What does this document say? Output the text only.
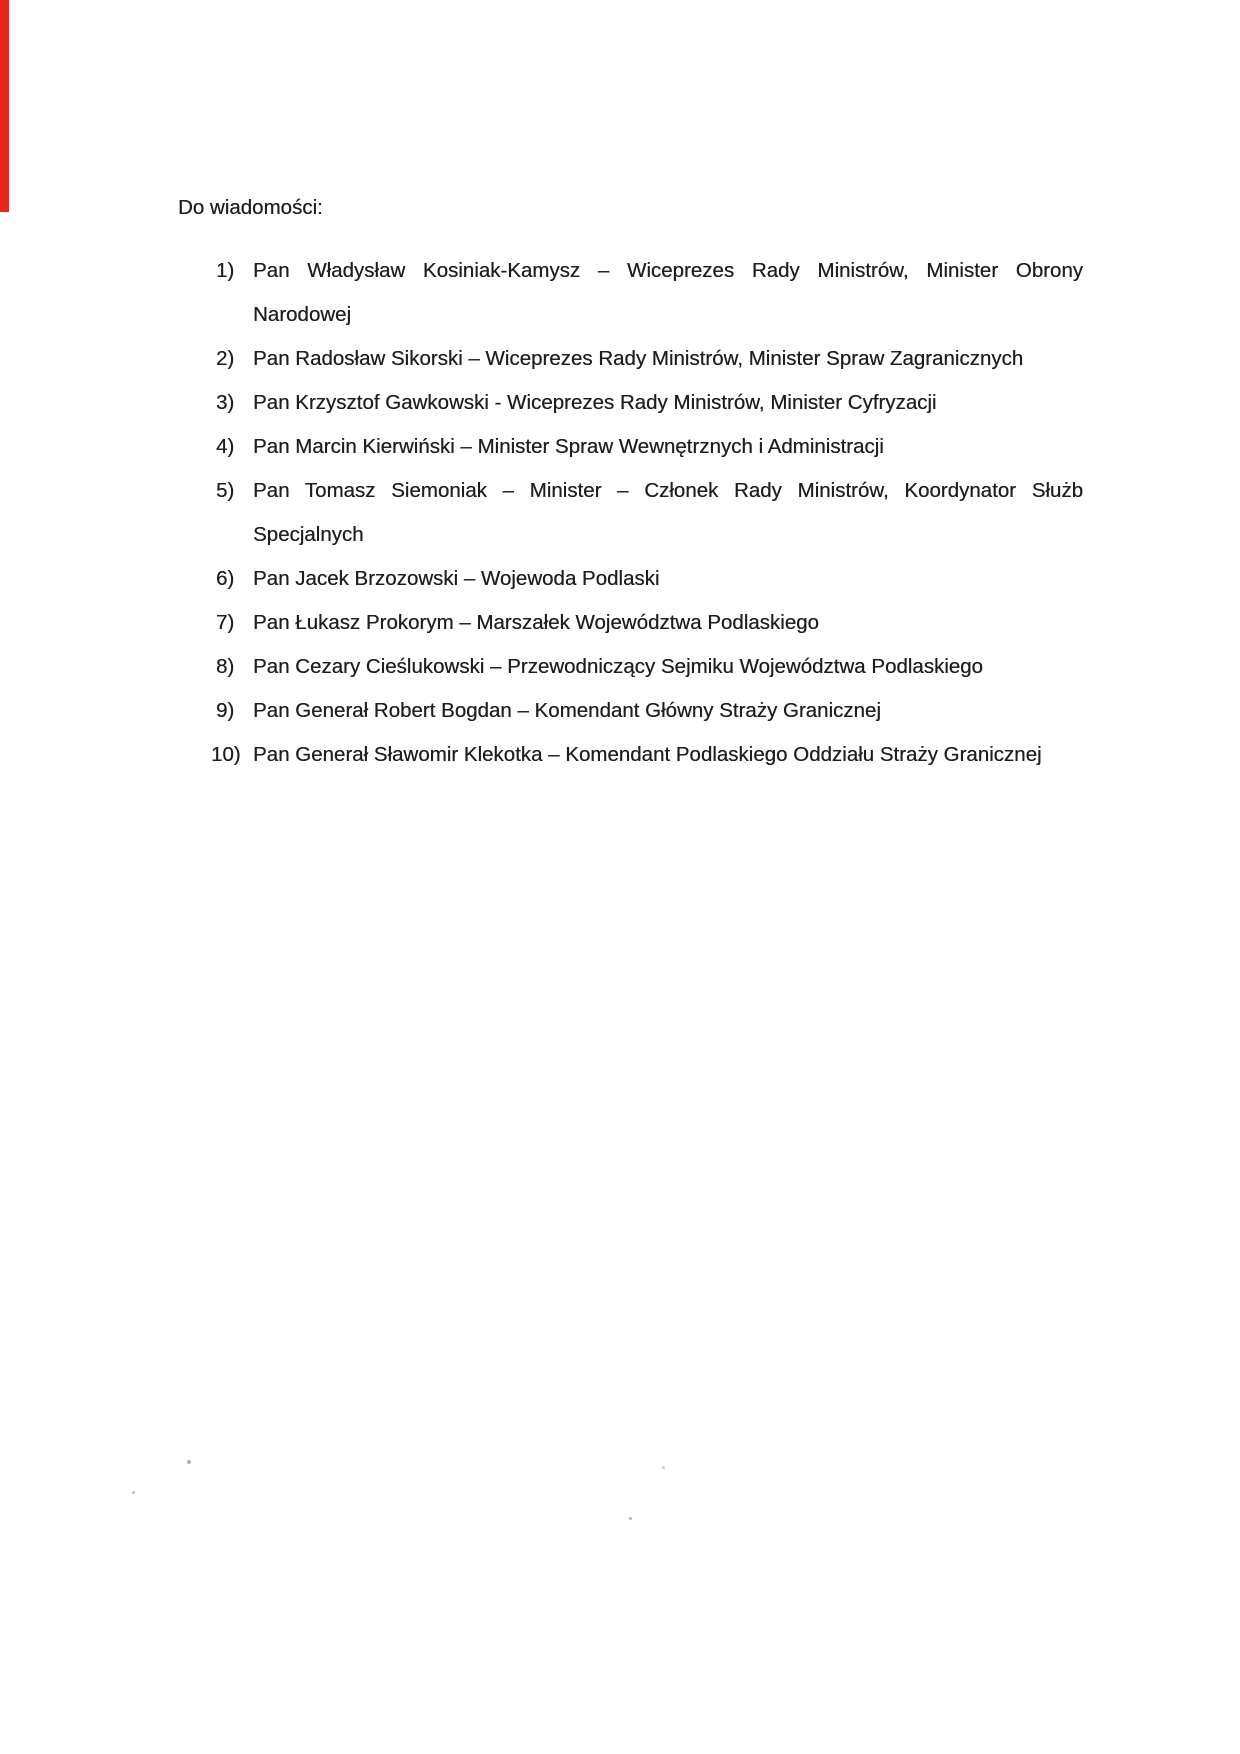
Do wiadomości:
1) Pan Władysław Kosiniak-Kamysz – Wiceprezes Rady Ministrów, Minister Obrony
Narodowej
2) Pan Radosław Sikorski – Wiceprezes Rady Ministrów, Minister Spraw Zagranicznych
3) Pan Krzysztof Gawkowski - Wiceprezes Rady Ministrów, Minister Cyfryzacji
4) Pan Marcin Kierwiński – Minister Spraw Wewnętrznych i Administracji
5) Pan Tomasz Siemoniak – Minister – Członek Rady Ministrów, Koordynator Służb
Specjalnych
6) Pan Jacek Brzozowski – Wojewoda Podlaski
7) Pan Łukasz Prokorym – Marszałek Województwa Podlaskiego
8) Pan Cezary Cieślukowski – Przewodniczący Sejmiku Województwa Podlaskiego
9) Pan Generał Robert Bogdan – Komendant Główny Straży Granicznej
10) Pan Generał Sławomir Klekotka – Komendant Podlaskiego Oddziału Straży Granicznej
